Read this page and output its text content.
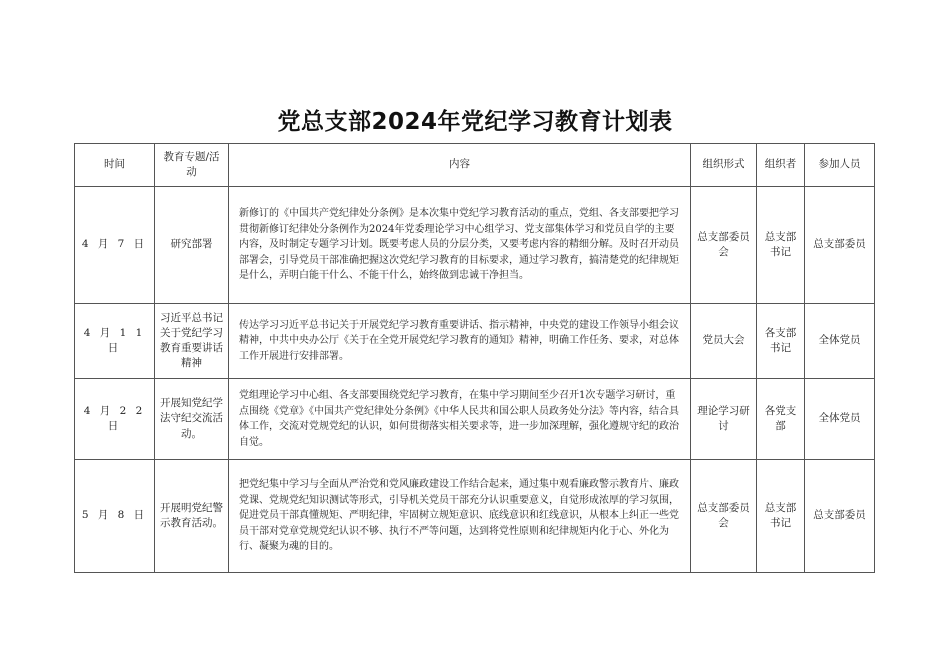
党总支部2024年党纪学习教育计划表
时间	教育专题/活动	内容	组织形式	组织者	参加人员
4 月 7 日	研究部署	新修订的《中国共产党纪律处分条例》是本次集中党纪学习教育活动的重点，党组、各支部要把学习贯彻新修订纪律处分条例作为2024年党委理论学习中心组学习、党支部集体学习和党员自学的主要内容，及时制定专题学习计划。既要考虑人员的分层分类，又要考虑内容的精细分解。及时召开动员部署会，引导党员干部准确把握这次党纪学习教育的目标要求，通过学习教育，搞清楚党的纪律规矩是什么，弄明白能干什么、不能干什么，始终做到忠诚干净担当。	总支部委员会	总支部书记	总支部委员
4 月 1 1 日	习近平总书记关于党纪学习教育重要讲话精神	传达学习习近平总书记关于开展党纪学习教育重要讲话、指示精神，中央党的建设工作领导小组会议精神，中共中央办公厅《关于在全党开展党纪学习教育的通知》精神，明确工作任务、要求，对总体工作开展进行安排部署。	党员大会	各支部书记	全体党员
4 月 2 2 日	开展知党纪学法守纪交流活动。	党组理论学习中心组、各支部要围绕党纪学习教育，在集中学习期间至少召开1次专题学习研讨，重点围绕《党章》《中国共产党纪律处分条例》《中华人民共和国公职人员政务处分法》等内容，结合具体工作，交流对党规党纪的认识，如何贯彻落实相关要求等，进一步加深理解，强化遵规守纪的政治自觉。	理论学习研讨	各党支部	全体党员
5 月 8 日	开展明党纪警示教育活动。	把党纪集中学习与全面从严治党和党风廉政建设工作结合起来，通过集中观看廉政警示教育片、廉政党课、党规党纪知识测试等形式，引导机关党员干部充分认识重要意义，自觉形成浓厚的学习氛围，促进党员干部真懂规矩、严明纪律，牢固树立规矩意识、底线意识和红线意识，从根本上纠正一些党员干部对党章党规党纪认识不够、执行不严等问题，达到将党性原则和纪律规矩内化于心、外化为行、凝聚为魂的目的。	总支部委员会	总支部书记	总支部委员
